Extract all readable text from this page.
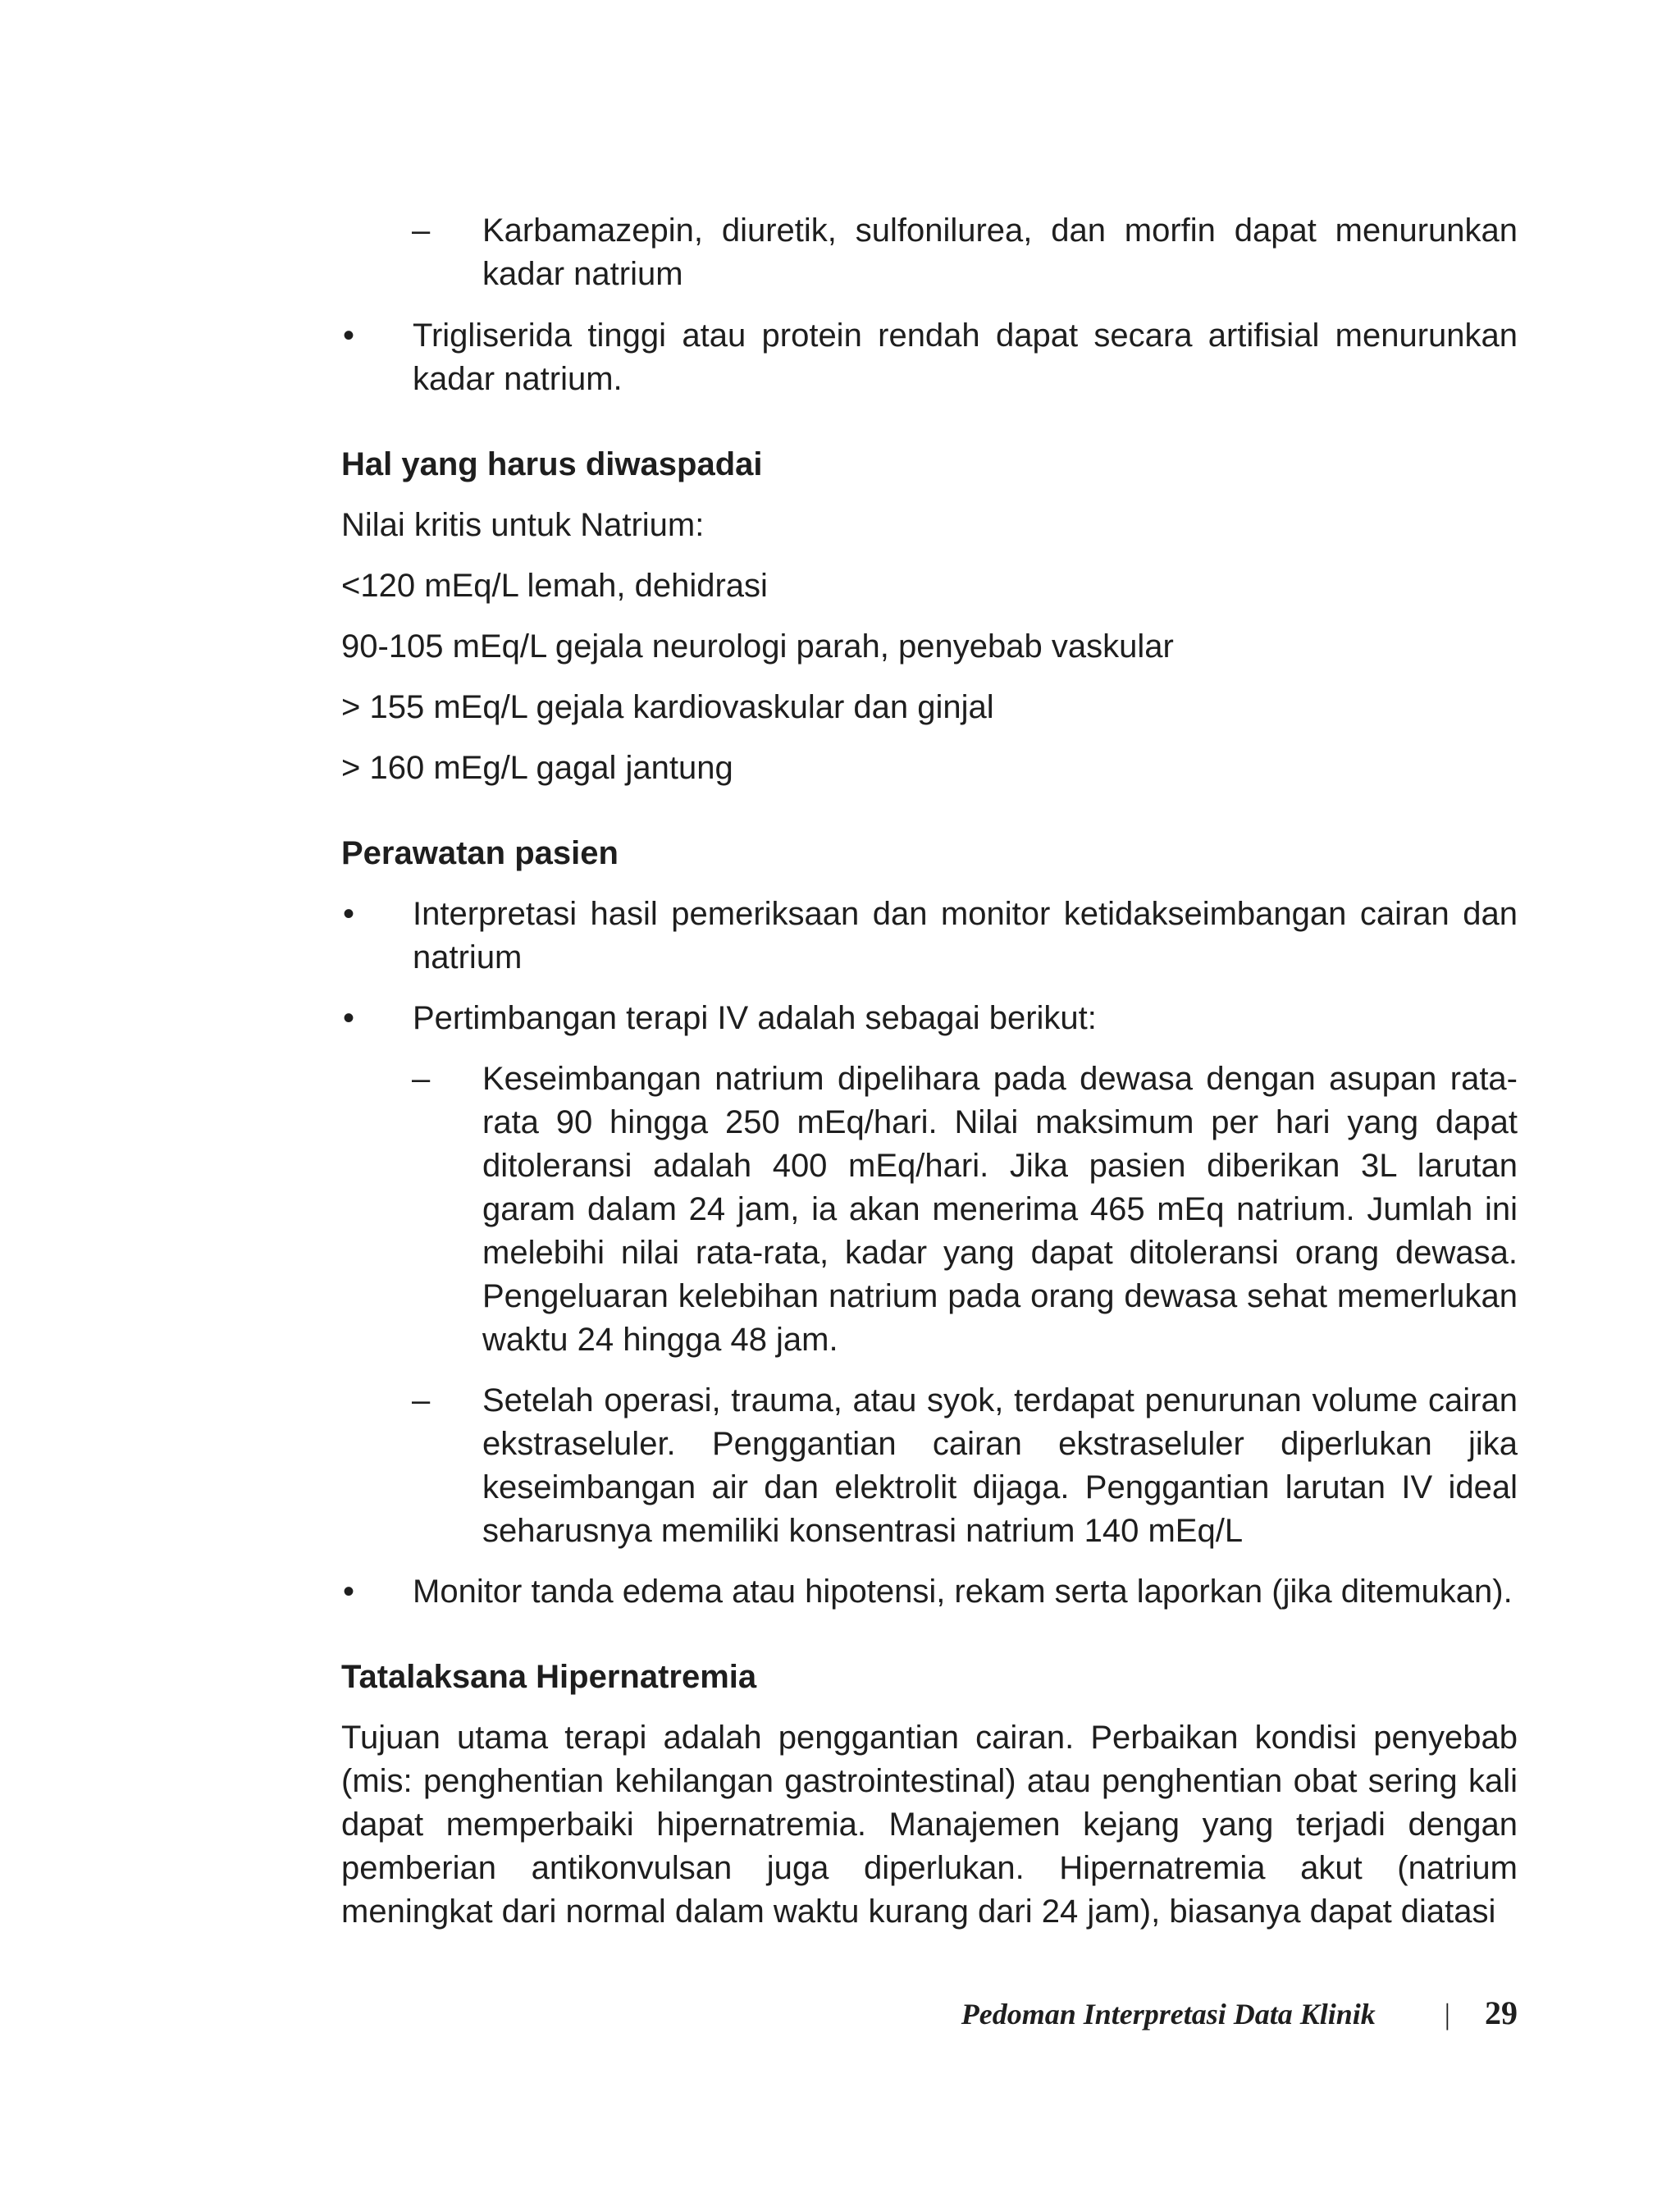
– Karbamazepin, diuretik, sulfonilurea, dan morfin dapat menurunkan kadar natrium
• Trigliserida tinggi atau protein rendah dapat secara artifisial menurunkan kadar natrium.
Hal yang harus diwaspadai
Nilai kritis untuk Natrium:
<120 mEq/L lemah, dehidrasi
90-105 mEq/L gejala neurologi parah, penyebab vaskular
> 155 mEq/L gejala kardiovaskular dan ginjal
> 160 mEg/L gagal jantung
Perawatan pasien
• Interpretasi hasil pemeriksaan dan monitor ketidakseimbangan cairan dan natrium
• Pertimbangan terapi IV adalah sebagai berikut:
– Keseimbangan natrium dipelihara pada dewasa dengan asupan rata-rata 90 hingga 250 mEq/hari. Nilai maksimum per hari yang dapat ditoleransi adalah 400 mEq/hari. Jika pasien diberikan 3L larutan garam dalam 24 jam, ia akan menerima 465 mEq natrium. Jumlah ini melebihi nilai rata-rata, kadar yang dapat ditoleransi orang dewasa. Pengeluaran kelebihan natrium pada orang dewasa sehat memerlukan waktu 24 hingga 48 jam.
– Setelah operasi, trauma, atau syok, terdapat penurunan volume cairan ekstraseluler. Penggantian cairan ekstraseluler diperlukan jika keseimbangan air dan elektrolit dijaga. Penggantian larutan IV ideal seharusnya memiliki konsentrasi natrium 140 mEq/L
• Monitor tanda edema atau hipotensi, rekam serta laporkan (jika ditemukan).
Tatalaksana Hipernatremia
Tujuan utama terapi adalah penggantian cairan. Perbaikan kondisi penyebab (mis: penghentian kehilangan gastrointestinal) atau penghentian obat sering kali dapat memperbaiki hipernatremia. Manajemen kejang yang terjadi dengan pemberian antikonvulsan juga diperlukan. Hipernatremia akut (natrium meningkat dari normal dalam waktu kurang dari 24 jam), biasanya dapat diatasi
Pedoman Interpretasi Data Klinik | 29
